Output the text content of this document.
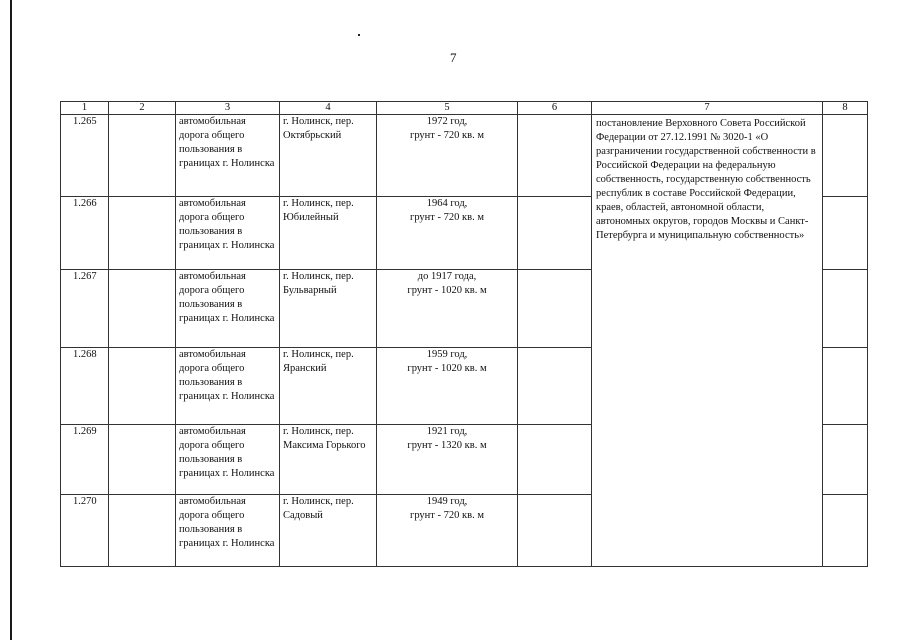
7
1	2	3	4	5	6	7	8
1.265		автомобильная дорога общего пользования в границах г. Нолинска	г. Нолинск, пер. Октябрьский	1972 год,
грунт - 720 кв. м		постановление Верховного Совета Российской Федерации от 27.12.1991 № 3020-1 «О разграничении государственной собственности в Российской Федерации на федеральную собственность, государственную собственность республик в составе Российской Федерации, краев, областей, автономной области, автономных округов, городов Москвы и Санкт- Петербурга и муниципальную собственность»	
1.266		автомобильная дорога общего пользования в границах г. Нолинска	г. Нолинск, пер. Юбилейный	1964 год,
грунт - 720 кв. м			

1.267		автомобильная дорога общего пользования в границах г. Нолинска	г. Нолинск, пер. Бульварный	до 1917 года,
грунт - 1020 кв. м			

1.268		автомобильная дорога общего пользования в границах г. Нолинска	г. Нолинск, пер. Яранский	1959 год,
грунт - 1020 кв. м			

1.269		автомобильная дорога общего пользования в границах г. Нолинска	г. Нолинск, пер. Максима Горького	1921 год,
грунт - 1320 кв. м			

1.270		автомобильная дорога общего пользования в границах г. Нолинска	г. Нолинск, пер. Садовый	1949 год,
грунт - 720 кв. м			
